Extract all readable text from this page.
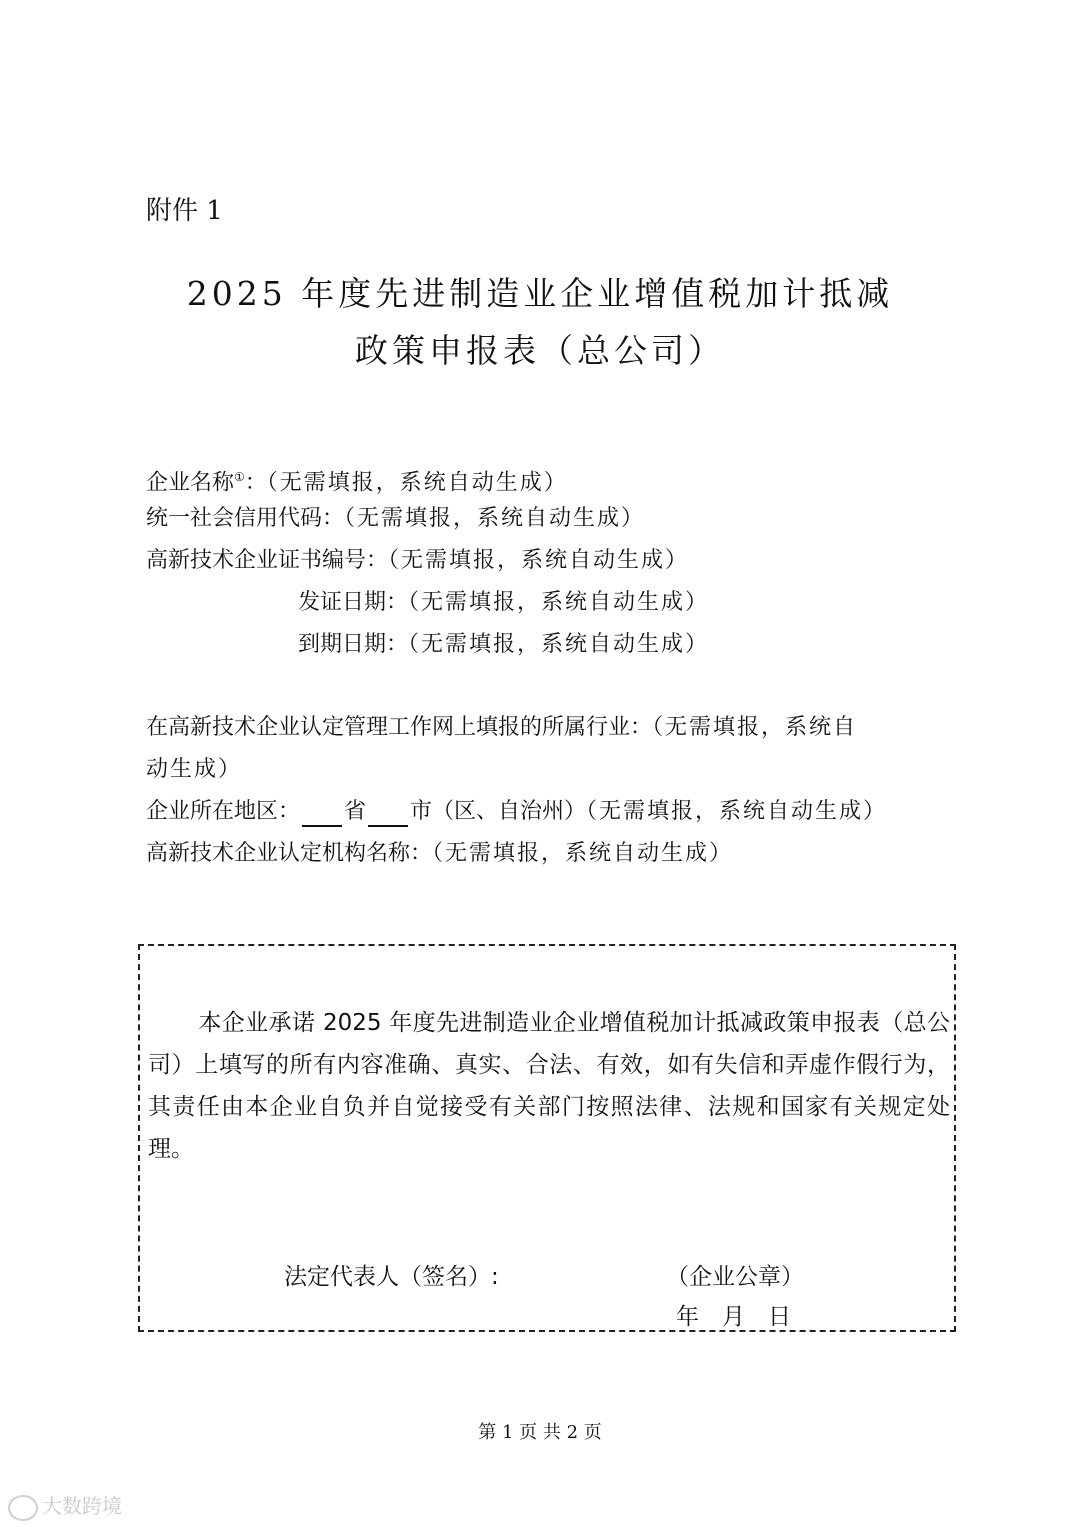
附件 1
2025 年度先进制造业企业增值税加计抵减
政策申报表（总公司）
企业名称①：（无需填报，系统自动生成）
统一社会信用代码：（无需填报，系统自动生成）
高新技术企业证书编号：（无需填报，系统自动生成）
发证日期：（无需填报，系统自动生成）
到期日期：（无需填报，系统自动生成）
在高新技术企业认定管理工作网上填报的所属行业：（无需填报，系统自
动生成）
企业所在地区： 省 市（区、自治州）（无需填报，系统自动生成）
高新技术企业认定机构名称：（无需填报，系统自动生成）
本企业承诺 2025 年度先进制造业企业增值税加计抵减政策申报表（总公司）上填写的所有内容准确、真实、合法、有效，如有失信和弄虚作假行为，其责任由本企业自负并自觉接受有关部门按照法律、法规和国家有关规定处理。
法定代表人（签名）:	（企业公章）
年　月　日
第 1 页 共 2 页
大数跨境
